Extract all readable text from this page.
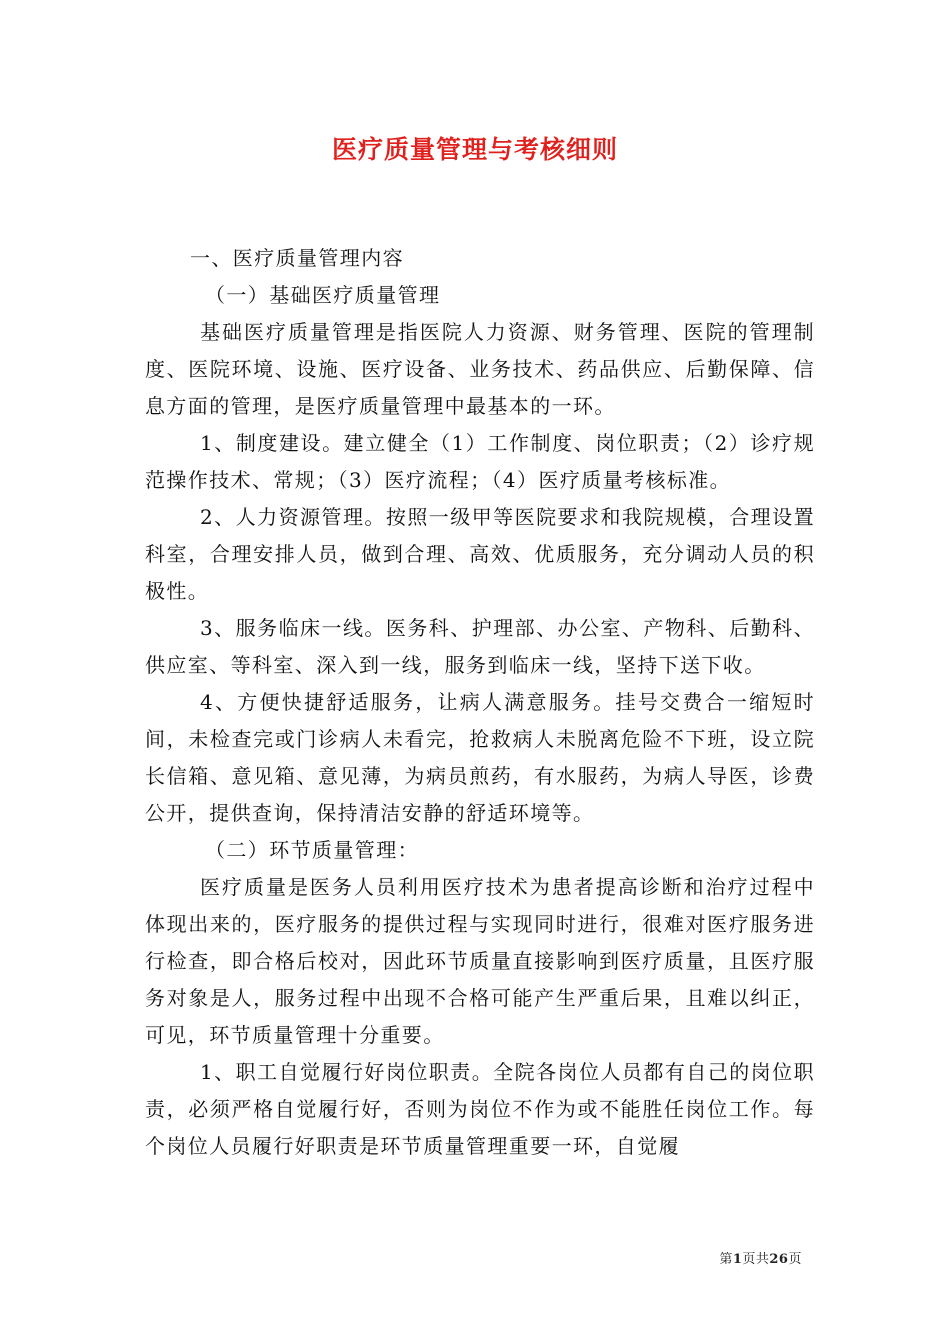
医疗质量管理与考核细则

一、医疗质量管理内容

（一）基础医疗质量管理

基础医疗质量管理是指医院人力资源、财务管理、医院的管理制度、医院环境、设施、医疗设备、业务技术、药品供应、后勤保障、信息方面的管理，是医疗质量管理中最基本的一环。

1、制度建设。建立健全（1）工作制度、岗位职责；（2）诊疗规范操作技术、常规；（3）医疗流程；（4）医疗质量考核标准。

2、人力资源管理。按照一级甲等医院要求和我院规模，合理设置科室，合理安排人员，做到合理、高效、优质服务，充分调动人员的积极性。

3、服务临床一线。医务科、护理部、办公室、产物科、后勤科、供应室、等科室、深入到一线，服务到临床一线，坚持下送下收。

4、方便快捷舒适服务，让病人满意服务。挂号交费合一缩短时间，未检查完或门诊病人未看完，抢救病人未脱离危险不下班，设立院长信箱、意见箱、意见薄，为病员煎药，有水服药，为病人导医，诊费公开，提供查询，保持清洁安静的舒适环境等。

（二）环节质量管理：

医疗质量是医务人员利用医疗技术为患者提高诊断和治疗过程中体现出来的，医疗服务的提供过程与实现同时进行，很难对医疗服务进行检查，即合格后校对，因此环节质量直接影响到医疗质量，且医疗服务对象是人，服务过程中出现不合格可能产生严重后果，且难以纠正，可见，环节质量管理十分重要。

1、职工自觉履行好岗位职责。全院各岗位人员都有自己的岗位职责，必须严格自觉履行好，否则为岗位不作为或不能胜任岗位工作。每个岗位人员履行好职责是环节质量管理重要一环，自觉履

第1页共26页
